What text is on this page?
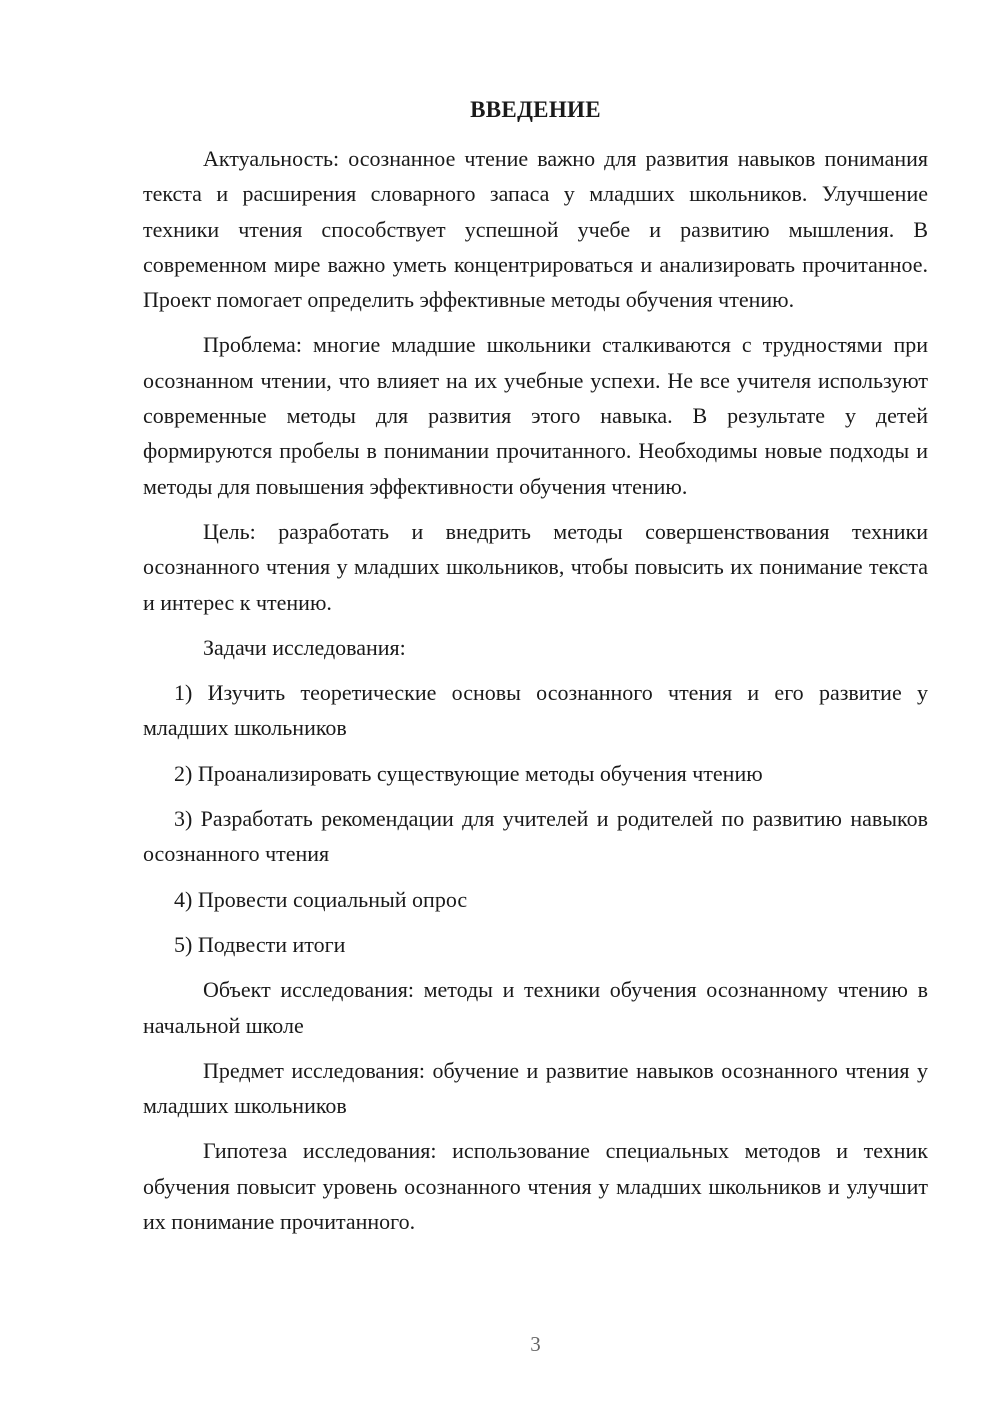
ВВЕДЕНИЕ

Актуальность: осознанное чтение важно для развития навыков понимания текста и расширения словарного запаса у младших школьников. Улучшение техники чтения способствует успешной учебе и развитию мышления. В современном мире важно уметь концентрироваться и анализировать прочитанное. Проект помогает определить эффективные методы обучения чтению.

Проблема: многие младшие школьники сталкиваются с трудностями при осознанном чтении, что влияет на их учебные успехи. Не все учителя используют современные методы для развития этого навыка. В результате у детей формируются пробелы в понимании прочитанного. Необходимы новые подходы и методы для повышения эффективности обучения чтению.

Цель: разработать и внедрить методы совершенствования техники осознанного чтения у младших школьников, чтобы повысить их понимание текста и интерес к чтению.

Задачи исследования:

1) Изучить теоретические основы осознанного чтения и его развитие у младших школьников

2) Проанализировать существующие методы обучения чтению

3) Разработать рекомендации для учителей и родителей по развитию навыков осознанного чтения

4) Провести социальный опрос

5) Подвести итоги

Объект исследования: методы и техники обучения осознанному чтению в начальной школе

Предмет исследования: обучение и развитие навыков осознанного чтения у младших школьников

Гипотеза исследования: использование специальных методов и техник обучения повысит уровень осознанного чтения у младших школьников и улучшит их понимание прочитанного.

3
